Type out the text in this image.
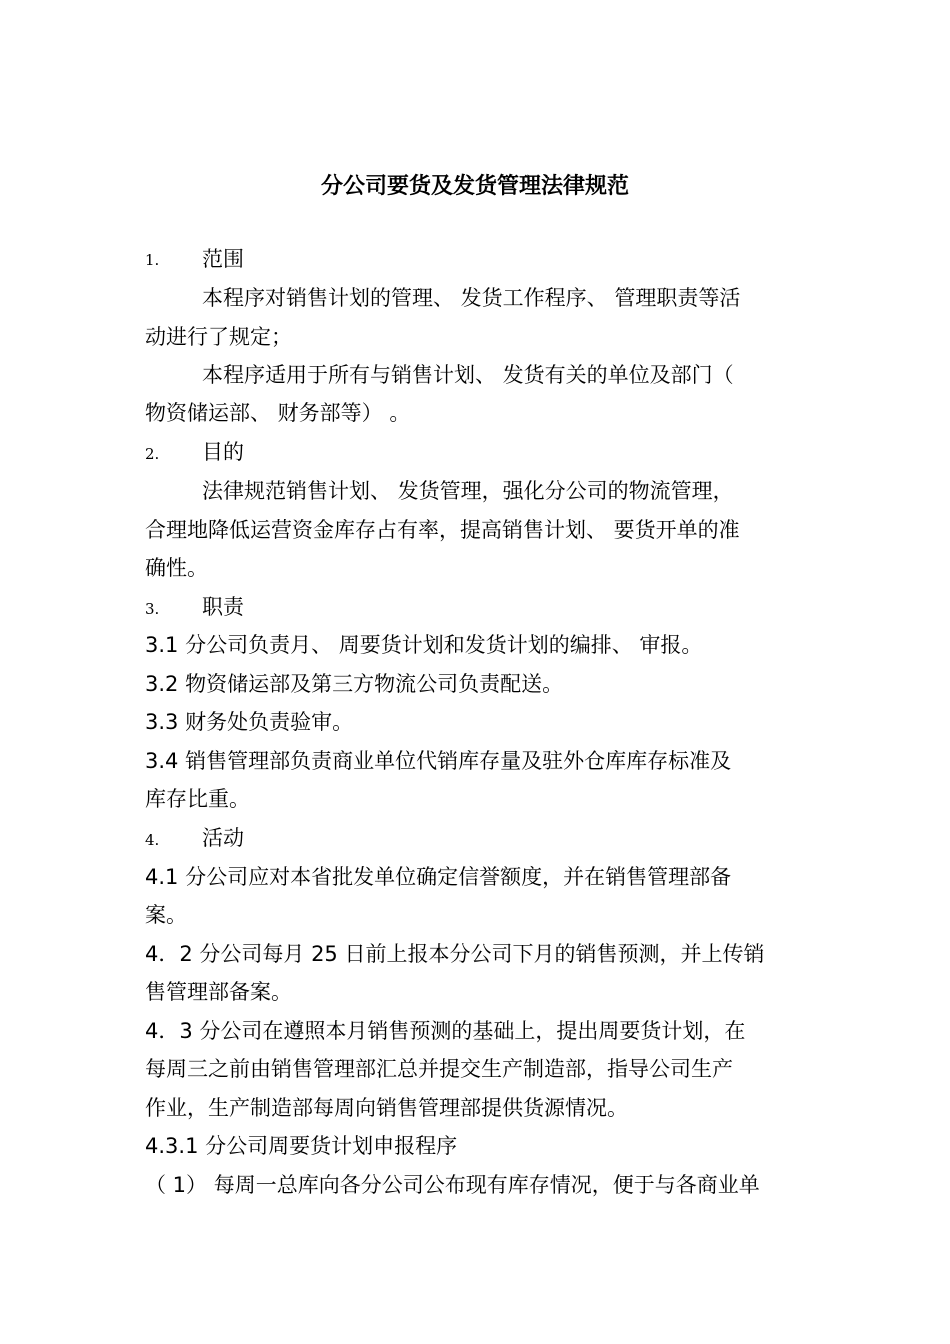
分公司要货及发货管理法律规范
1. 范围
本程序对销售计划的管理、 发货工作程序、 管理职责等活
动进行了规定；
本程序适用于所有与销售计划、 发货有关的单位及部门（
物资储运部、 财务部等） 。
2. 目的
法律规范销售计划、 发货管理，强化分公司的物流管理，
合理地降低运营资金库存占有率，提高销售计划、 要货开单的准
确性。
3. 职责
3.1 分公司负责月、 周要货计划和发货计划的编排、 审报。
3.2 物资储运部及第三方物流公司负责配送。
3.3 财务处负责验审。
3.4 销售管理部负责商业单位代销库存量及驻外仓库库存标准及
库存比重。
4. 活动
4.1 分公司应对本省批发单位确定信誉额度，并在销售管理部备
案。
4．2 分公司每月 25 日前上报本分公司下月的销售预测，并上传销
售管理部备案。
4．3 分公司在遵照本月销售预测的基础上，提出周要货计划，在
每周三之前由销售管理部汇总并提交生产制造部，指导公司生产
作业，生产制造部每周向销售管理部提供货源情况。
4.3.1 分公司周要货计划申报程序
（ 1） 每周一总库向各分公司公布现有库存情况，便于与各商业单
